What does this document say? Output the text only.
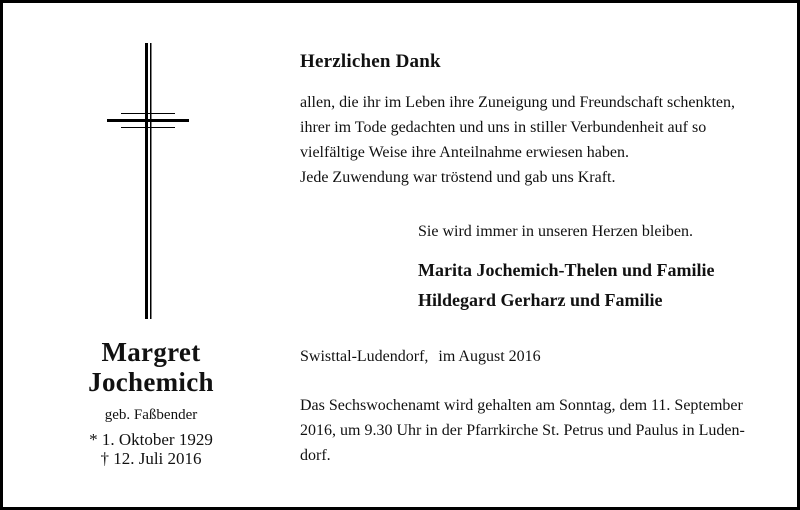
Margret
Jochemich
geb. Faßbender
* 1. Oktober 1929
† 12. Juli 2016
Herzlichen Dank

allen, die ihr im Leben ihre Zuneigung und Freundschaft schenkten,

ihrer im Tode gedachten und uns in stiller Verbundenheit auf so

vielfältige Weise ihre Anteilnahme erwiesen haben.

Jede Zuwendung war tröstend und gab uns Kraft.

Sie wird immer in unseren Herzen bleiben.
Marita Jochemich-Thelen und Familie
Hildegard Gerharz und Familie
Swisttal-Ludendorf, im August 2016
Das Sechswochenamt wird gehalten am Sonntag, dem 11. September
2016, um 9.30 Uhr in der Pfarrkirche St. Petrus und Paulus in Luden-
dorf.
